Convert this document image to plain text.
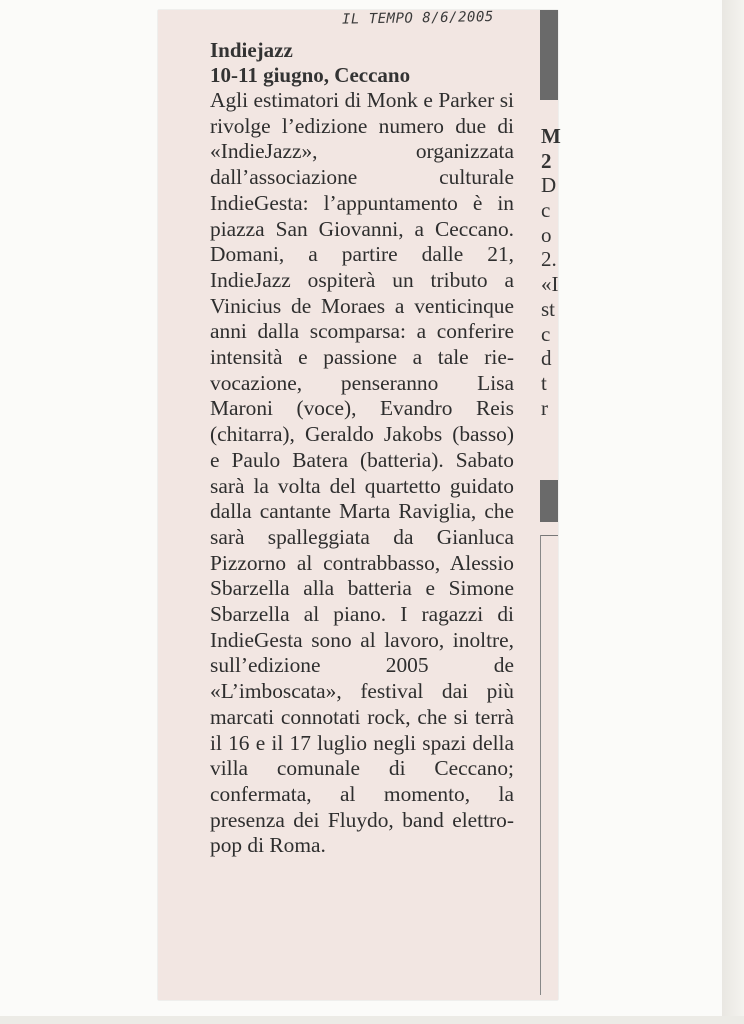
IL TEMPO 8/6/2005

Indiejazz

10-11 giugno, Ceccano

Agli estimatori di Monk e Parker si rivolge l’edizione numero due di «IndieJazz», organizzata dall’associazione culturale IndieGesta: l’appuntamento è in piazza San Giovanni, a Ceccano. Domani, a partire dalle 21, IndieJazz ospiterà un tributo a Vinicius de Moraes a venticinque anni dalla scomparsa: a conferire intensità e passione a tale rievocazione, penseranno Lisa Maroni (voce), Evandro Reis (chitarra), Geraldo Jakobs (basso) e Paulo Batera (batteria). Sabato sarà la volta del quartetto guidato dalla cantante Marta Raviglia, che sarà spalleggiata da Gianluca Pizzorno al contrabbasso, Alessio Sbarzella alla batteria e Simone Sbarzella al piano. I ragazzi di IndieGesta sono al lavoro, inoltre, sull’edizione 2005 de «L’imboscata», festival dai più marcati connotati rock, che si terrà il 16 e il 17 luglio negli spazi della villa comunale di Ceccano; confermata, al momento, la presenza dei Fluydo, band elettro-pop di Roma.

M
2
D
c
o
2.
«I
st
c
d
t
r
